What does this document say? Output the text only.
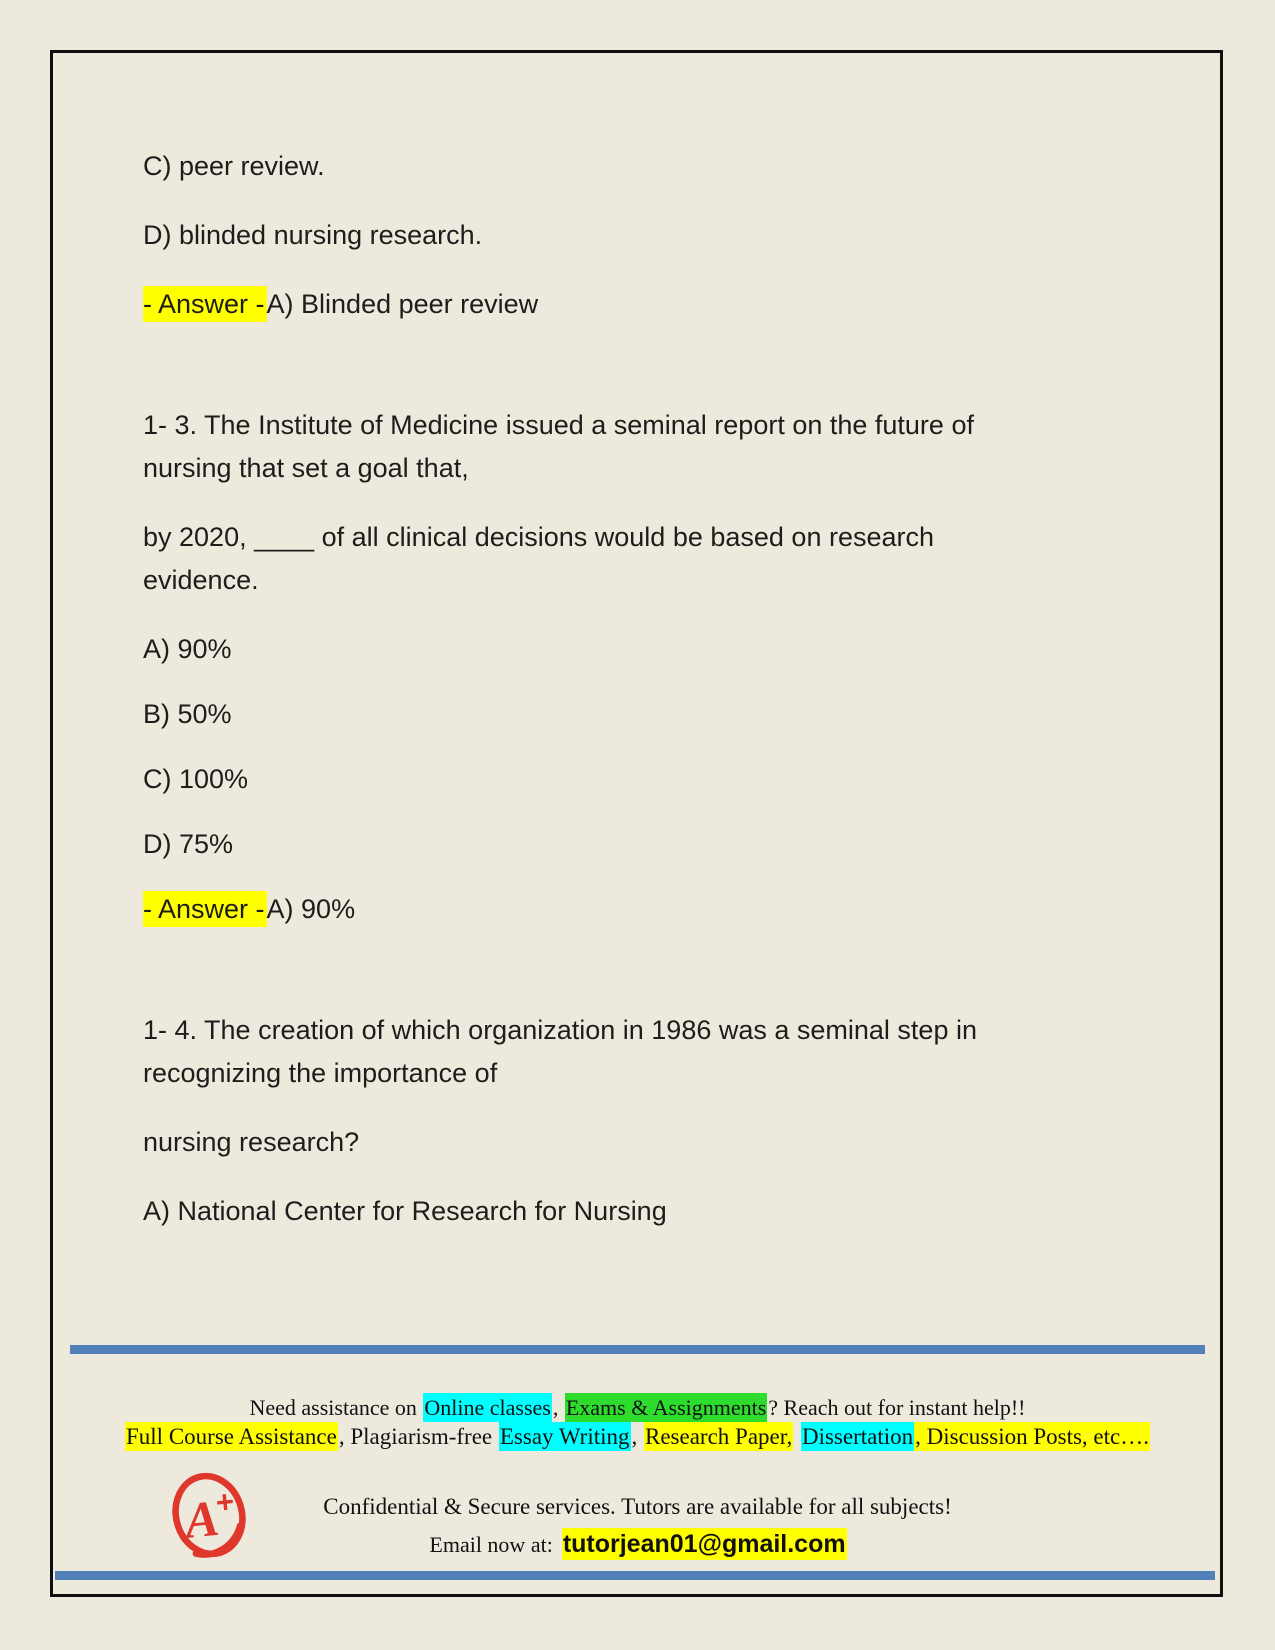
C) peer review.

D) blinded nursing research.

- Answer -A) Blinded peer review

1- 3. The Institute of Medicine issued a seminal report on the future of
nursing that set a goal that,

by 2020, ____ of all clinical decisions would be based on research
evidence.

A) 90%

B) 50%

C) 100%

D) 75%

- Answer -A) 90%

1- 4. The creation of which organization in 1986 was a seminal step in
recognizing the importance of

nursing research?

A) National Center for Research for Nursing

Need assistance on Online classes, Exams & Assignments? Reach out for instant help!!

Full Course Assistance, Plagiarism-free Essay Writing, Research Paper, Dissertation, Discussion Posts, etc….

A
+	Confidential & Secure services. Tutors are available for all subjects!

Email now at: tutorjean01@gmail.com
